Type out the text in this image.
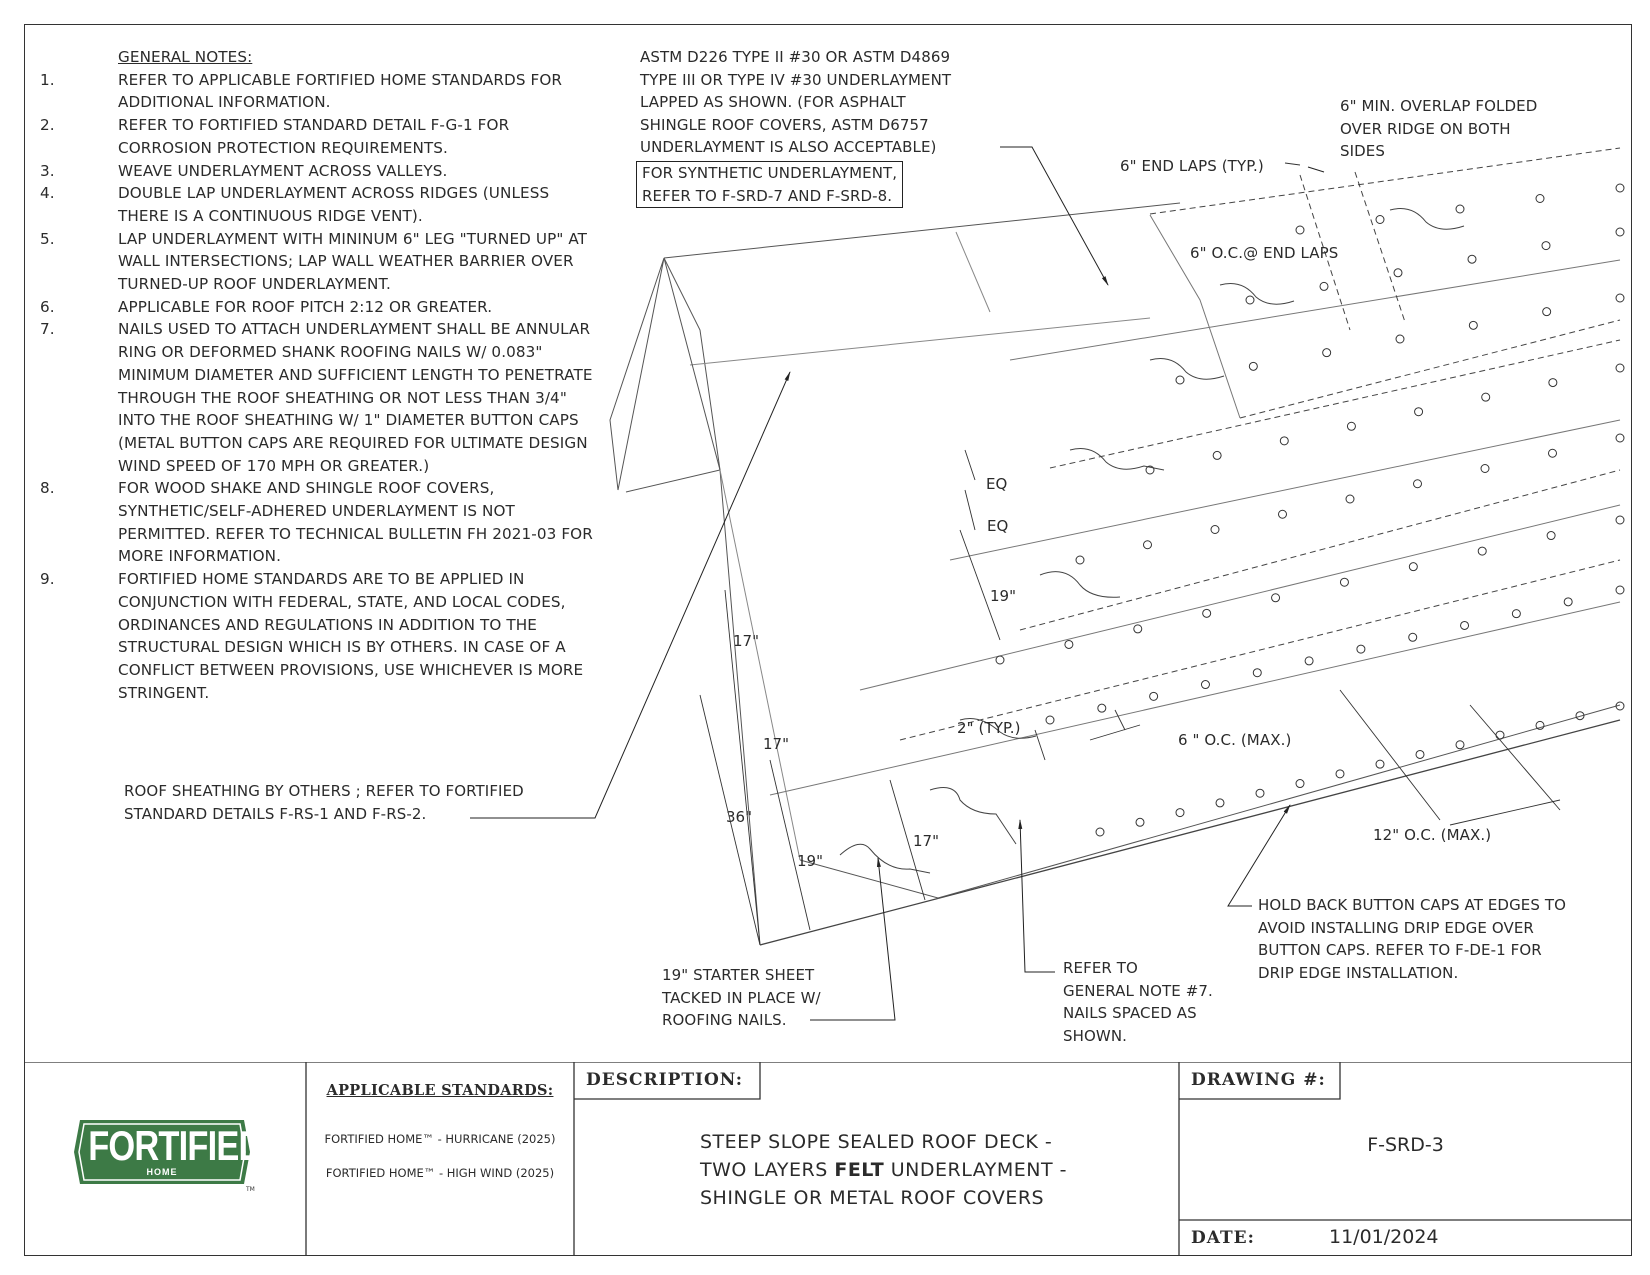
GENERAL NOTES:
1.	REFER TO APPLICABLE FORTIFIED HOME STANDARDS FOR ADDITIONAL INFORMATION.
2.	REFER TO FORTIFIED STANDARD DETAIL F-G-1 FOR CORROSION PROTECTION REQUIREMENTS.
3.	WEAVE UNDERLAYMENT ACROSS VALLEYS.
4.	DOUBLE LAP UNDERLAYMENT ACROSS RIDGES (UNLESS THERE IS A CONTINUOUS RIDGE VENT).
5.	LAP UNDERLAYMENT WITH MININUM 6" LEG "TURNED UP" AT WALL INTERSECTIONS; LAP WALL WEATHER BARRIER OVER TURNED-UP ROOF UNDERLAYMENT.
6.	APPLICABLE FOR ROOF PITCH 2:12 OR GREATER.
7.	NAILS USED TO ATTACH UNDERLAYMENT SHALL BE ANNULAR RING OR DEFORMED SHANK ROOFING NAILS W/ 0.083" MINIMUM DIAMETER AND SUFFICIENT LENGTH TO PENETRATE THROUGH THE ROOF SHEATHING OR NOT LESS THAN 3/4" INTO THE ROOF SHEATHING W/ 1" DIAMETER BUTTON CAPS (METAL BUTTON CAPS ARE REQUIRED FOR ULTIMATE DESIGN WIND SPEED OF 170 MPH OR GREATER.)
8.	FOR WOOD SHAKE AND SHINGLE ROOF COVERS, SYNTHETIC/SELF-ADHERED UNDERLAYMENT IS NOT PERMITTED. REFER TO TECHNICAL BULLETIN FH 2021-03 FOR MORE INFORMATION.
9.	FORTIFIED HOME STANDARDS ARE TO BE APPLIED IN CONJUNCTION WITH FEDERAL, STATE, AND LOCAL CODES, ORDINANCES AND REGULATIONS IN ADDITION TO THE STRUCTURAL DESIGN WHICH IS BY OTHERS. IN CASE OF A CONFLICT BETWEEN PROVISIONS, USE WHICHEVER IS MORE STRINGENT.
ASTM D226 TYPE II #30 OR ASTM D4869
TYPE III OR TYPE IV #30 UNDERLAYMENT
LAPPED AS SHOWN. (FOR ASPHALT
SHINGLE ROOF COVERS, ASTM D6757
UNDERLAYMENT IS ALSO ACCEPTABLE)
FOR SYNTHETIC UNDERLAYMENT,
REFER TO F-SRD-7 AND F-SRD-8.
6" MIN. OVERLAP FOLDED
OVER RIDGE ON BOTH
SIDES
6" END LAPS (TYP.)
6" O.C.@ END LAPS
ROOF SHEATHING BY OTHERS ; REFER TO FORTIFIED
STANDARD DETAILS F-RS-1 AND F-RS-2.
19" STARTER SHEET
TACKED IN PLACE W/
ROOFING NAILS.
REFER TO
GENERAL NOTE #7.
NAILS SPACED AS
SHOWN.
HOLD BACK BUTTON CAPS AT EDGES TO
AVOID INSTALLING DRIP EDGE OVER
BUTTON CAPS. REFER TO F-DE-1 FOR
DRIP EDGE INSTALLATION.
12" O.C. (MAX.)
6 " O.C. (MAX.)
2" (TYP.)
EQ
EQ
19"
17"
17"
36"
19"
17"
FORTIFIED
HOME
TM
APPLICABLE STANDARDS:
FORTIFIED HOME™ - HURRICANE (2025)
FORTIFIED HOME™ - HIGH WIND (2025)
DESCRIPTION:
STEEP SLOPE SEALED ROOF DECK -
TWO LAYERS FELT UNDERLAYMENT -
SHINGLE OR METAL ROOF COVERS
DRAWING #:
F-SRD-3
DATE:	11/01/2024
